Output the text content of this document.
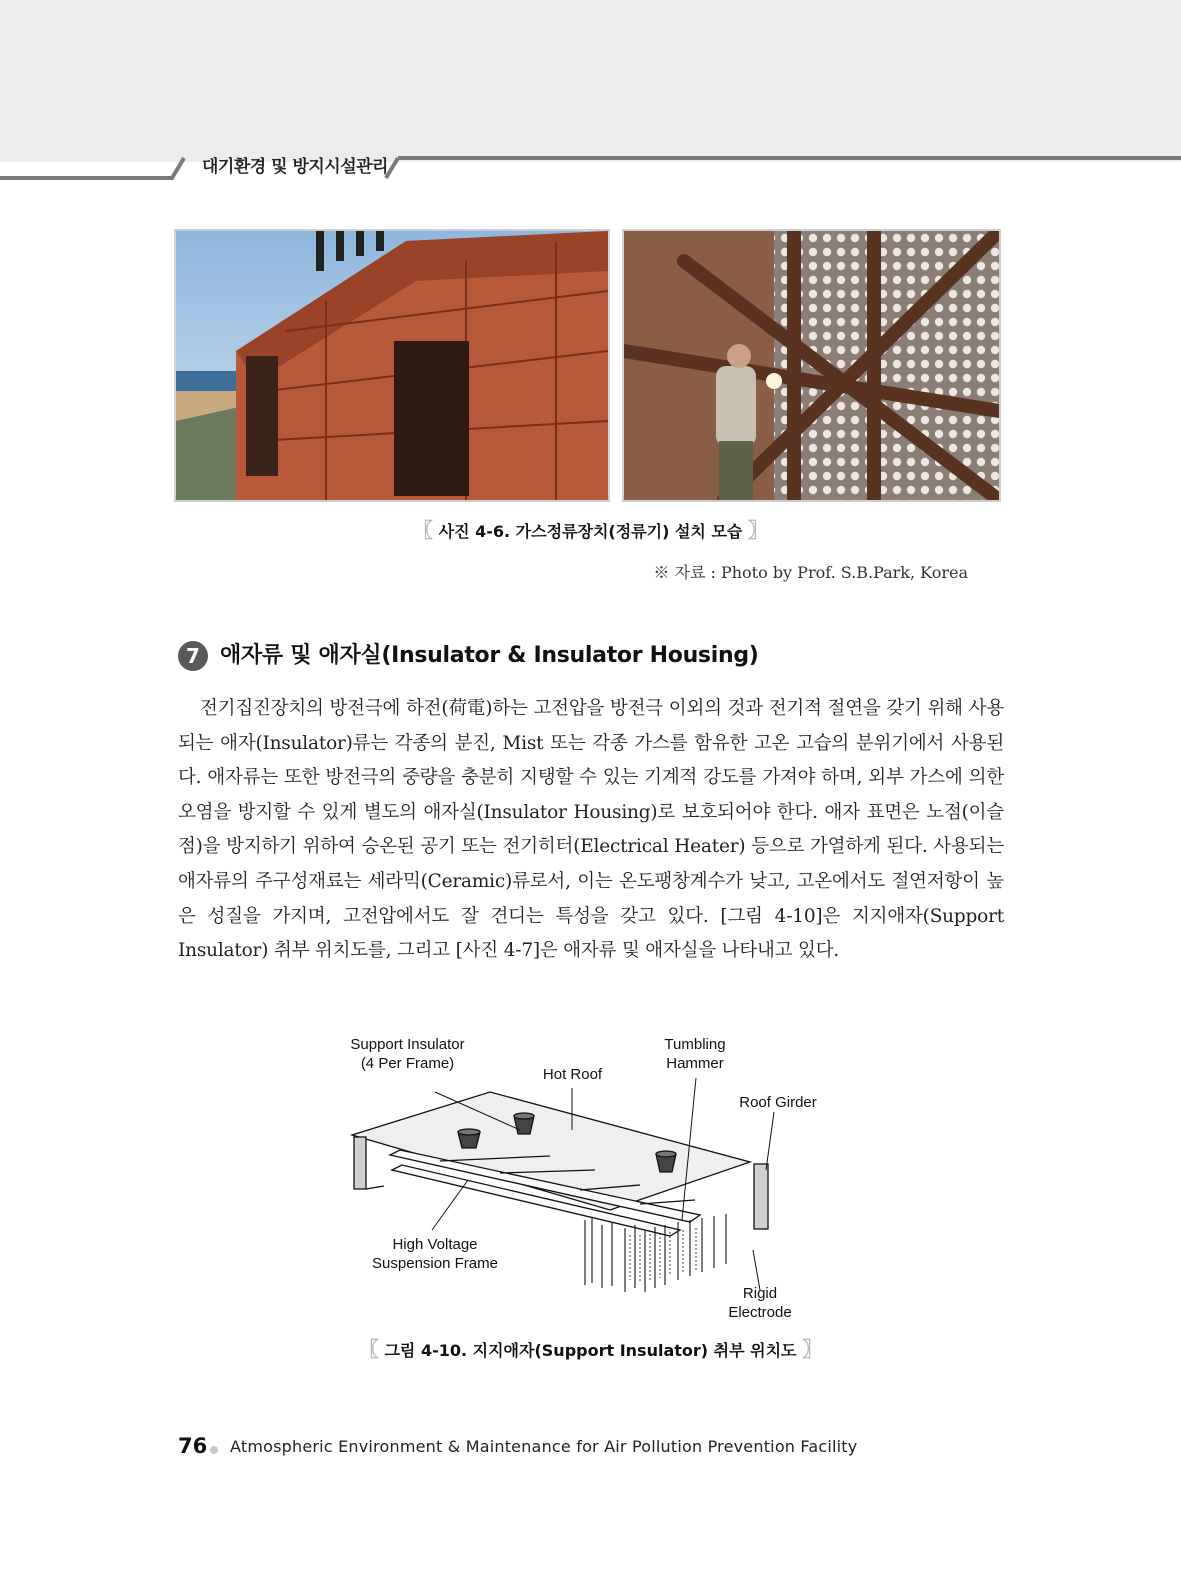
대기환경 및 방지시설관리
〖 사진 4-6. 가스정류장치(정류기) 설치 모습 〗
※ 자료 : Photo by Prof. S.B.Park, Korea
7 애자류 및 애자실(Insulator & Insulator Housing)
전기집진장치의 방전극에 하전(荷電)하는 고전압을 방전극 이외의 것과 전기적 절연을 갖기 위해 사용되는 애자(Insulator)류는 각종의 분진, Mist 또는 각종 가스를 함유한 고온 고습의 분위기에서 사용된다. 애자류는 또한 방전극의 중량을 충분히 지탱할 수 있는 기계적 강도를 가져야 하며, 외부 가스에 의한 오염을 방지할 수 있게 별도의 애자실(Insulator Housing)로 보호되어야 한다. 애자 표면은 노점(이슬점)을 방지하기 위하여 승온된 공기 또는 전기히터(Electrical Heater) 등으로 가열하게 된다. 사용되는 애자류의 주구성재료는 세라믹(Ceramic)류로서, 이는 온도팽창계수가 낮고, 고온에서도 절연저항이 높은 성질을 가지며, 고전압에서도 잘 견디는 특성을 갖고 있다. [그림 4-10]은 지지애자(Support Insulator) 취부 위치도를, 그리고 [사진 4-7]은 애자류 및 애자실을 나타내고 있다.
Support Insulator
(4 Per Frame)
Hot Roof
Tumbling
Hammer
Roof Girder
High Voltage
Suspension Frame
Rigid
Electrode
〖 그림 4-10. 지지애자(Support Insulator) 취부 위치도 〗
76 Atmospheric Environment & Maintenance for Air Pollution Prevention Facility
